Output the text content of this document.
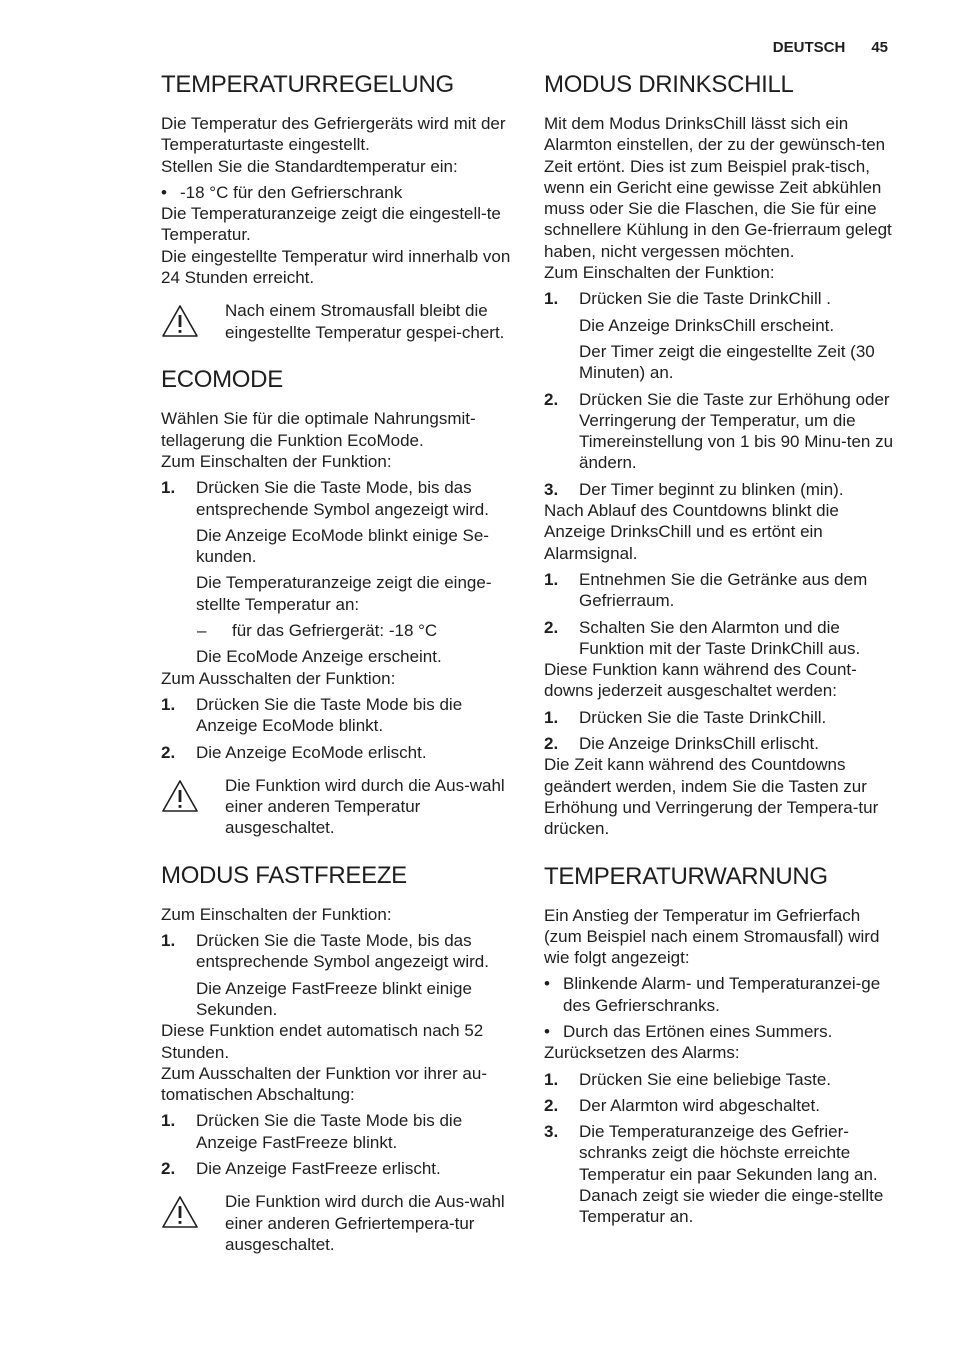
DEUTSCH 45
TEMPERATURREGELUNG

Die Temperatur des Gefriergeräts wird mit der Temperaturtaste eingestellt.

Stellen Sie die Standardtemperatur ein:

• -18 °C für den Gefrierschrank

Die Temperaturanzeige zeigt die eingestell-te Temperatur.

Die eingestellte Temperatur wird innerhalb von 24 Stunden erreicht.

Nach einem Stromausfall bleibt die eingestellte Temperatur gespei-chert.
ECOMODE

Wählen Sie für die optimale Nahrungsmit-tellagerung die Funktion EcoMode.

Zum Einschalten der Funktion:

1.	Drücken Sie die Taste Mode, bis das entsprechende Symbol angezeigt wird.

Die Anzeige EcoMode blinkt einige Se-kunden.

Die Temperaturanzeige zeigt die einge-stellte Temperatur an:

–	für das Gefriergerät: -18 °C

Die EcoMode Anzeige erscheint.

Zum Ausschalten der Funktion:

1.	Drücken Sie die Taste Mode bis die Anzeige EcoMode blinkt.
2.	Die Anzeige EcoMode erlischt.
Die Funktion wird durch die Aus-wahl einer anderen Temperatur ausgeschaltet.
MODUS FASTFREEZE

Zum Einschalten der Funktion:

1.	Drücken Sie die Taste Mode, bis das entsprechende Symbol angezeigt wird.

Die Anzeige FastFreeze blinkt einige Sekunden.

Diese Funktion endet automatisch nach 52 Stunden.

Zum Ausschalten der Funktion vor ihrer au-tomatischen Abschaltung:

1.	Drücken Sie die Taste Mode bis die Anzeige FastFreeze blinkt.
2.	Die Anzeige FastFreeze erlischt.
Die Funktion wird durch die Aus-wahl einer anderen Gefriertempera-tur ausgeschaltet.
MODUS DRINKSCHILL

Mit dem Modus DrinksChill lässt sich ein Alarmton einstellen, der zu der gewünsch-ten Zeit ertönt. Dies ist zum Beispiel prak-tisch, wenn ein Gericht eine gewisse Zeit abkühlen muss oder Sie die Flaschen, die Sie für eine schnellere Kühlung in den Ge-frierraum gelegt haben, nicht vergessen möchten.

Zum Einschalten der Funktion:

1.	Drücken Sie die Taste DrinkChill .

Die Anzeige DrinksChill erscheint.

Der Timer zeigt die eingestellte Zeit (30 Minuten) an.

2.	Drücken Sie die Taste zur Erhöhung oder Verringerung der Temperatur, um die Timereinstellung von 1 bis 90 Minu-ten zu ändern.
3.	Der Timer beginnt zu blinken (min).

Nach Ablauf des Countdowns blinkt die Anzeige DrinksChill und es ertönt ein Alarmsignal.

1.	Entnehmen Sie die Getränke aus dem Gefrierraum.
2.	Schalten Sie den Alarmton und die Funktion mit der Taste DrinkChill aus.

Diese Funktion kann während des Count-downs jederzeit ausgeschaltet werden:

1.	Drücken Sie die Taste DrinkChill.
2.	Die Anzeige DrinksChill erlischt.

Die Zeit kann während des Countdowns geändert werden, indem Sie die Tasten zur Erhöhung und Verringerung der Tempera-tur drücken.

TEMPERATURWARNUNG

Ein Anstieg der Temperatur im Gefrierfach (zum Beispiel nach einem Stromausfall) wird wie folgt angezeigt:

• Blinkende Alarm- und Temperaturanzei-ge des Gefrierschranks.
• Durch das Ertönen eines Summers.

Zurücksetzen des Alarms:

1.	Drücken Sie eine beliebige Taste.
2.	Der Alarmton wird abgeschaltet.
3.	Die Temperaturanzeige des Gefrier-schranks zeigt die höchste erreichte Temperatur ein paar Sekunden lang an. Danach zeigt sie wieder die einge-stellte Temperatur an.
